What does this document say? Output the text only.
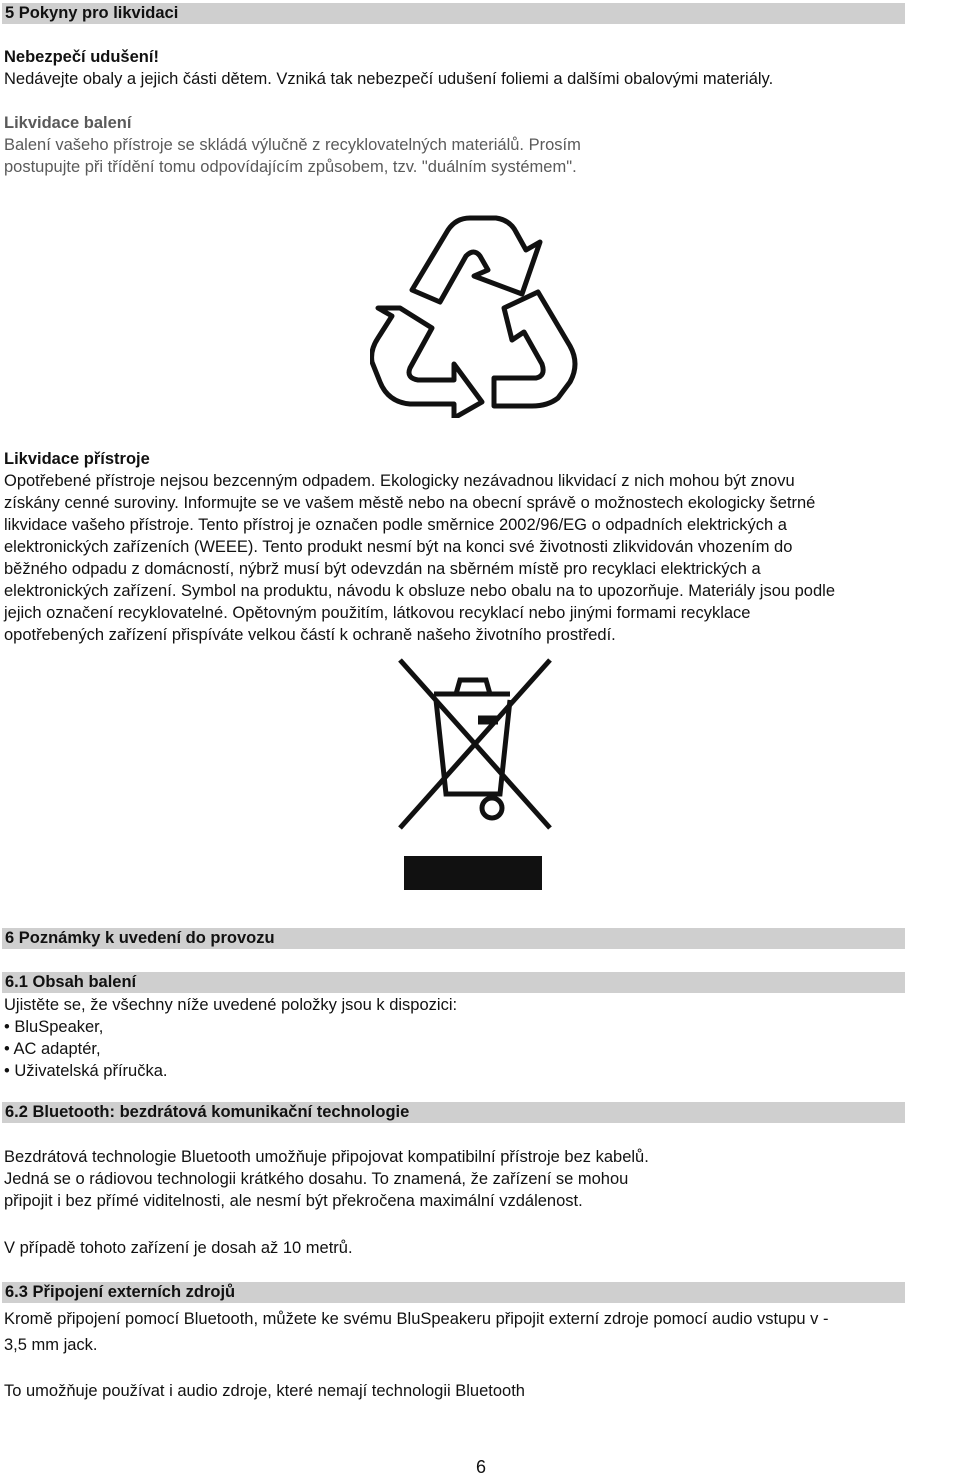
5 Pokyny pro likvidaci
Nebezpečí udušení!
Nedávejte obaly a jejich části dětem. Vzniká tak nebezpečí udušení foliemi a dalšími obalovými materiály.
Likvidace balení
Balení vašeho přístroje se skládá výlučně z recyklovatelných materiálů. Prosím
postupujte při třídění tomu odpovídajícím způsobem, tzv. "duálním systémem".
Likvidace přístroje
Opotřebené přístroje nejsou bezcenným odpadem. Ekologicky nezávadnou likvidací z nich mohou být znovu
získány cenné suroviny. Informujte se ve vašem městě nebo na obecní správě o možnostech ekologicky šetrné
likvidace vašeho přístroje. Tento přístroj je označen podle směrnice 2002/96/EG o odpadních elektrických a
elektronických zařízeních (WEEE). Tento produkt nesmí být na konci své životnosti zlikvidován vhozením do
běžného odpadu z domácností, nýbrž musí být odevzdán na sběrném místě pro recyklaci elektrických a
elektronických zařízení. Symbol na produktu, návodu k obsluze nebo obalu na to upozorňuje. Materiály jsou podle
jejich označení recyklovatelné. Opětovným použitím, látkovou recyklací nebo jinými formami recyklace
opotřebených zařízení přispíváte velkou částí k ochraně našeho životního prostředí.
6 Poznámky k uvedení do provozu
6.1 Obsah balení
Ujistěte se, že všechny níže uvedené položky jsou k dispozici:
• BluSpeaker,
• AC adaptér,
• Uživatelská příručka.
6.2 Bluetooth: bezdrátová komunikační technologie
Bezdrátová technologie Bluetooth umožňuje připojovat kompatibilní přístroje bez kabelů.
Jedná se o rádiovou technologii krátkého dosahu. To znamená, že zařízení se mohou
připojit i bez přímé viditelnosti, ale nesmí být překročena maximální vzdálenost.
V případě tohoto zařízení je dosah až 10 metrů.
6.3 Připojení externích zdrojů
Kromě připojení pomocí Bluetooth, můžete ke svému BluSpeakeru připojit externí zdroje pomocí audio vstupu v -
3,5 mm jack.
To umožňuje používat i audio zdroje, které nemají technologii Bluetooth
6
